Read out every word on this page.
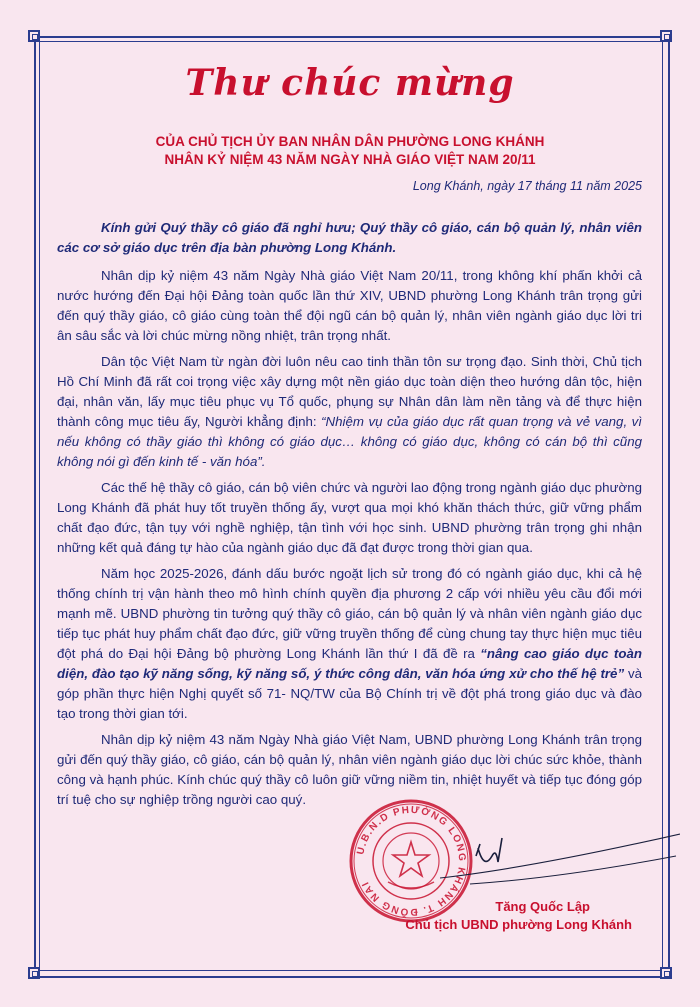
Thư chúc mừng
CỦA CHỦ TỊCH ỦY BAN NHÂN DÂN PHƯỜNG LONG KHÁNH
NHÂN KỶ NIỆM 43 NĂM NGÀY NHÀ GIÁO VIỆT NAM 20/11
Long Khánh, ngày 17 tháng 11 năm 2025

Kính gửi Quý thầy cô giáo đã nghỉ hưu; Quý thầy cô giáo, cán bộ quản lý, nhân viên các cơ sở giáo dục trên địa bàn phường Long Khánh.

Nhân dịp kỷ niệm 43 năm Ngày Nhà giáo Việt Nam 20/11, trong không khí phấn khởi cả nước hướng đến Đại hội Đảng toàn quốc lần thứ XIV, UBND phường Long Khánh trân trọng gửi đến quý thầy giáo, cô giáo cùng toàn thể đội ngũ cán bộ quản lý, nhân viên ngành giáo dục lời tri ân sâu sắc và lời chúc mừng nồng nhiệt, trân trọng nhất.

Dân tộc Việt Nam từ ngàn đời luôn nêu cao tinh thần tôn sư trọng đạo. Sinh thời, Chủ tịch Hồ Chí Minh đã rất coi trọng việc xây dựng một nền giáo dục toàn diện theo hướng dân tộc, hiện đại, nhân văn, lấy mục tiêu phục vụ Tổ quốc, phụng sự Nhân dân làm nền tảng và để thực hiện thành công mục tiêu ấy, Người khẳng định: “Nhiệm vụ của giáo dục rất quan trọng và vẻ vang, vì nếu không có thầy giáo thì không có giáo dục… không có giáo dục, không có cán bộ thì cũng không nói gì đến kinh tế - văn hóa”.

Các thế hệ thầy cô giáo, cán bộ viên chức và người lao động trong ngành giáo dục phường Long Khánh đã phát huy tốt truyền thống ấy, vượt qua mọi khó khăn thách thức, giữ vững phẩm chất đạo đức, tận tụy với nghề nghiệp, tận tình với học sinh. UBND phường trân trọng ghi nhận những kết quả đáng tự hào của ngành giáo dục đã đạt được trong thời gian qua.

Năm học 2025-2026, đánh dấu bước ngoặt lịch sử trong đó có ngành giáo dục, khi cả hệ thống chính trị vận hành theo mô hình chính quyền địa phương 2 cấp với nhiều yêu cầu đổi mới mạnh mẽ. UBND phường tin tưởng quý thầy cô giáo, cán bộ quản lý và nhân viên ngành giáo dục tiếp tục phát huy phẩm chất đạo đức, giữ vững truyền thống để cùng chung tay thực hiện mục tiêu đột phá do Đại hội Đảng bộ phường Long Khánh lần thứ I đã đề ra “nâng cao giáo dục toàn diện, đào tạo kỹ năng sống, kỹ năng số, ý thức công dân, văn hóa ứng xử cho thế hệ trẻ” và góp phần thực hiện Nghị quyết số 71- NQ/TW của Bộ Chính trị về đột phá trong giáo dục và đào tạo trong thời gian tới.

Nhân dịp kỷ niệm 43 năm Ngày Nhà giáo Việt Nam, UBND phường Long Khánh trân trọng gửi đến quý thầy giáo, cô giáo, cán bộ quản lý, nhân viên ngành giáo dục lời chúc sức khỏe, thành công và hạnh phúc. Kính chúc quý thầy cô luôn giữ vững niềm tin, nhiệt huyết và tiếp tục đóng góp trí tuệ cho sự nghiệp trồng người cao quý.

U.B.N.D PHƯỜNG LONG KHÁNH T. ĐỒNG NAI
Tăng Quốc Lập
Chủ tịch UBND phường Long Khánh
